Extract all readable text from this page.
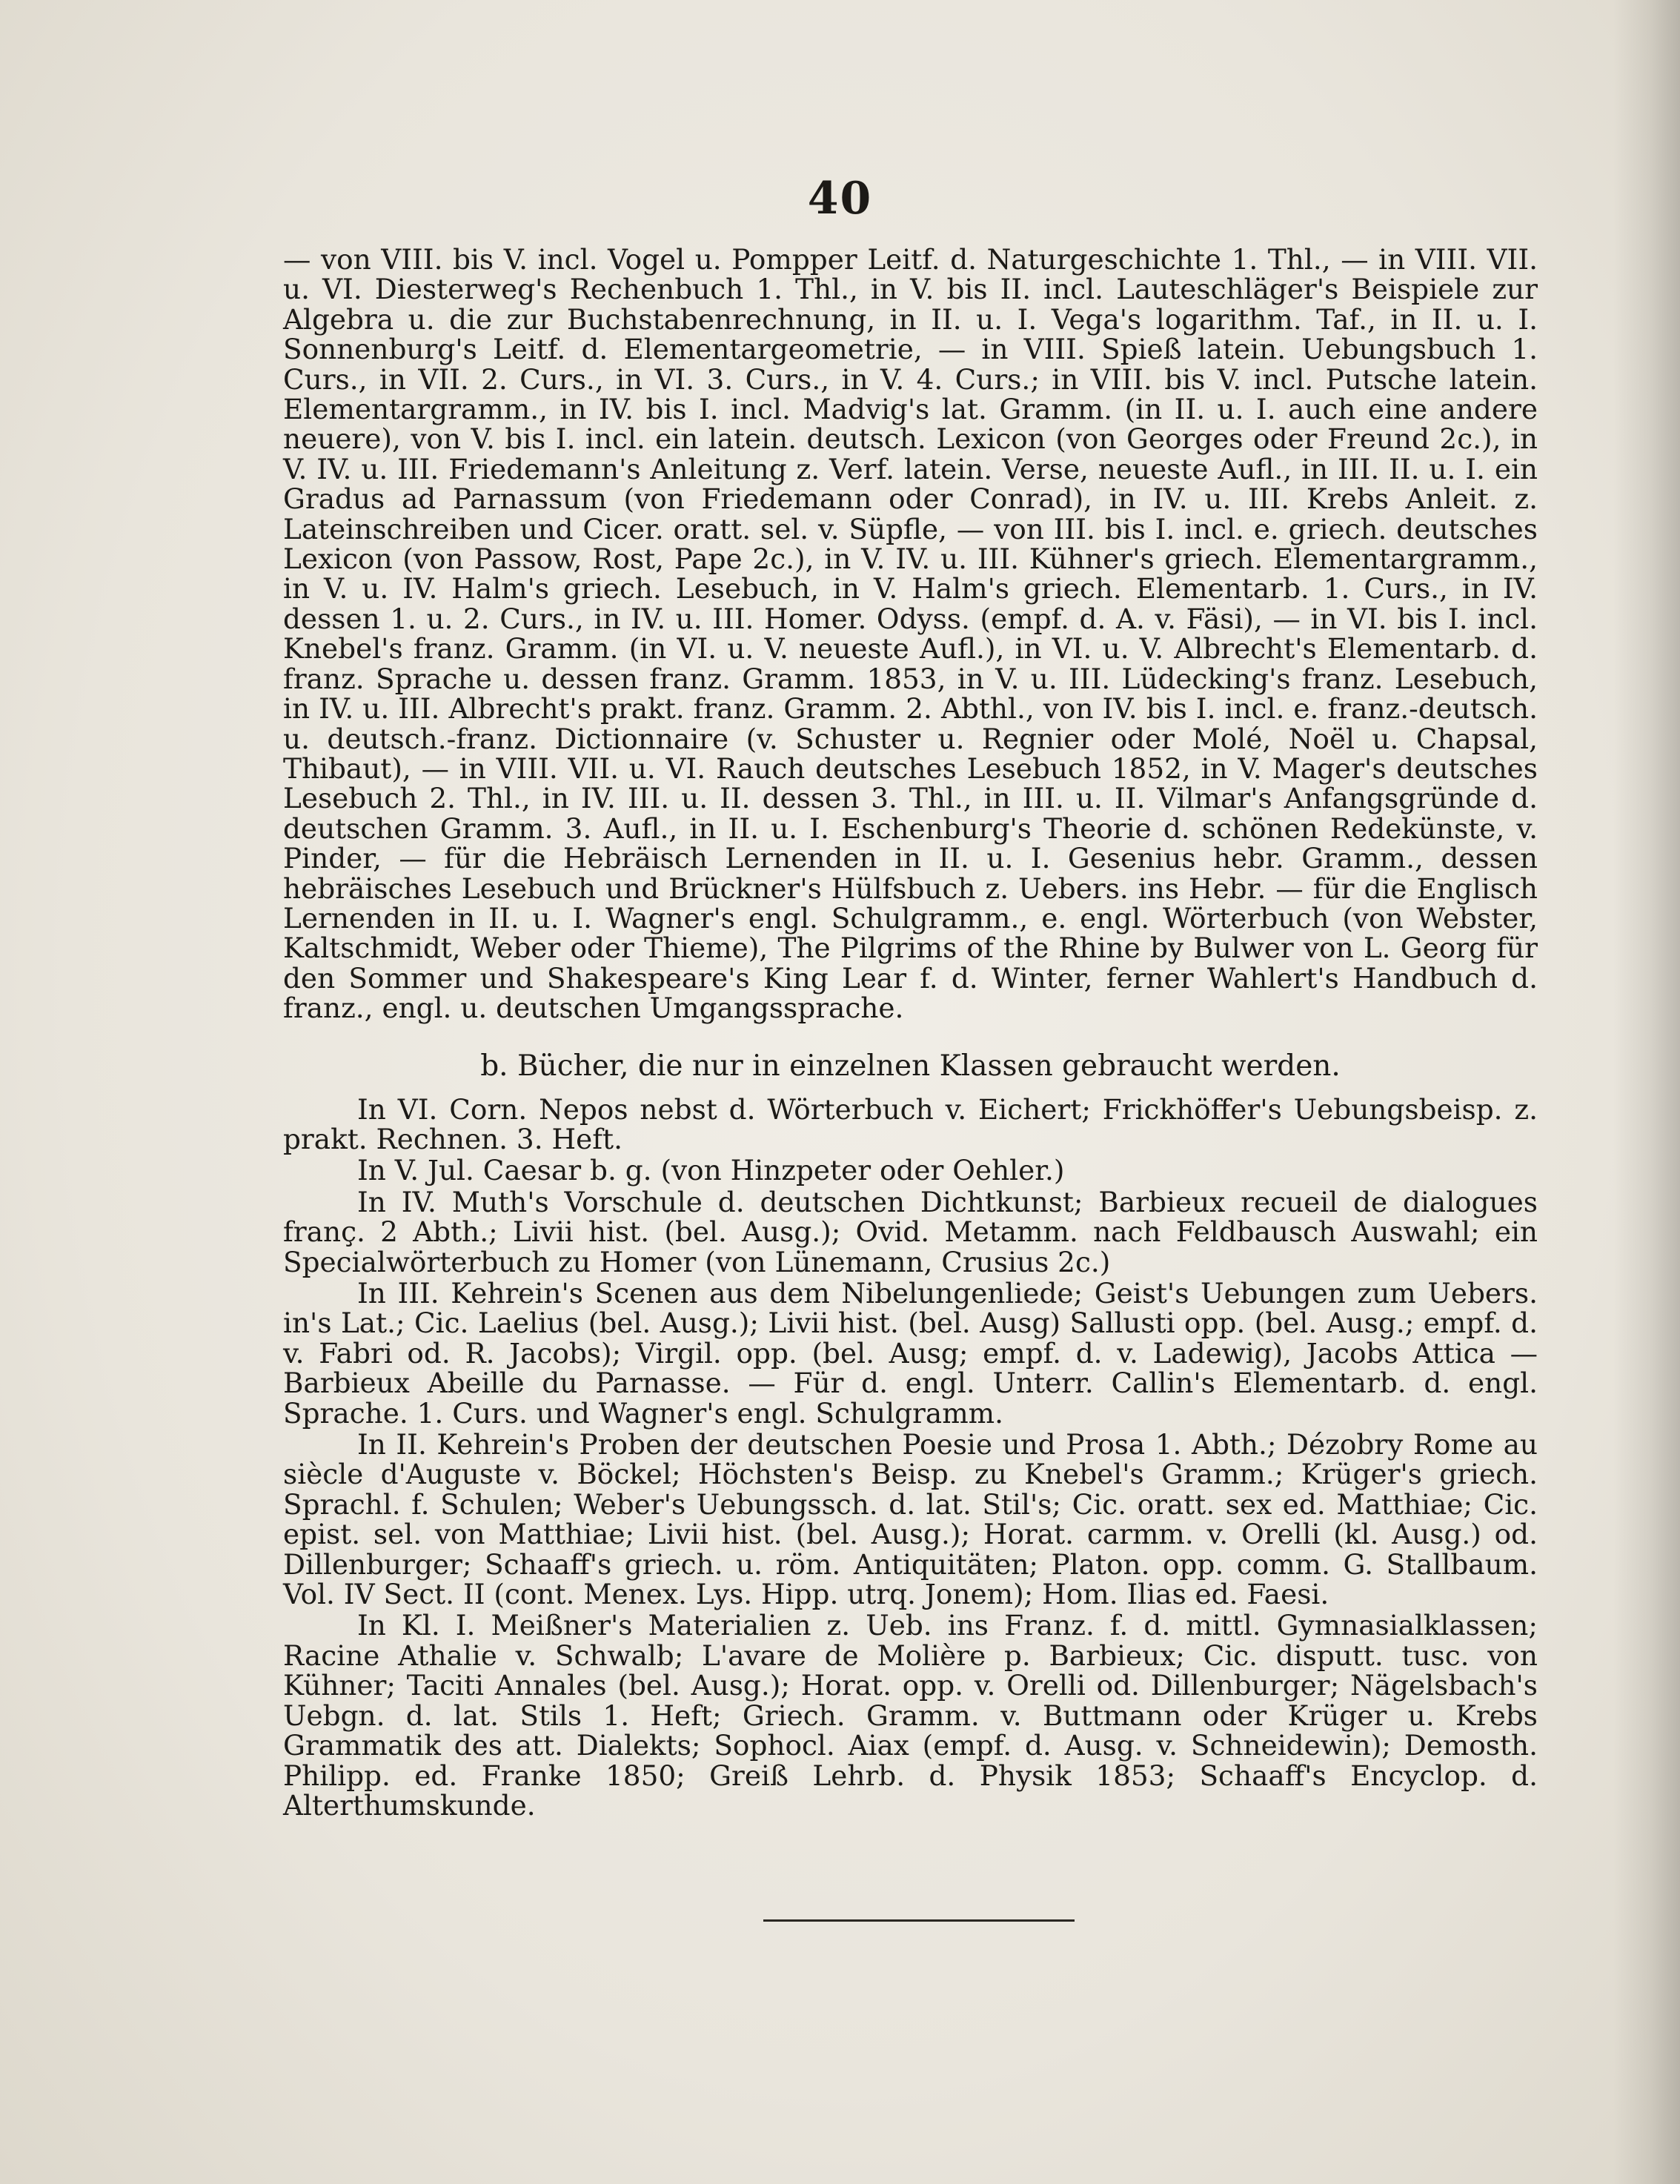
40

— von VIII. bis V. incl. Vogel u. Pompper Leitf. d. Naturgeschichte 1. Thl., — in VIII. VII. u. VI. Diesterweg's Rechenbuch 1. Thl., in V. bis II. incl. Lauteschläger's Beispiele zur Algebra u. die zur Buchstabenrechnung, in II. u. I. Vega's logarithm. Taf., in II. u. I. Sonnenburg's Leitf. d. Elementargeometrie, — in VIII. Spieß latein. Uebungsbuch 1. Curs., in VII. 2. Curs., in VI. 3. Curs., in V. 4. Curs.; in VIII. bis V. incl. Putsche latein. Elementargramm., in IV. bis I. incl. Madvig's lat. Gramm. (in II. u. I. auch eine andere neuere), von V. bis I. incl. ein latein. deutsch. Lexicon (von Georges oder Freund 2c.), in V. IV. u. III. Friedemann's Anleitung z. Verf. latein. Verse, neueste Aufl., in III. II. u. I. ein Gradus ad Parnassum (von Friedemann oder Conrad), in IV. u. III. Krebs Anleit. z. Lateinschreiben und Cicer. oratt. sel. v. Süpfle, — von III. bis I. incl. e. griech. deutsches Lexicon (von Passow, Rost, Pape 2c.), in V. IV. u. III. Kühner's griech. Elementargramm., in V. u. IV. Halm's griech. Lesebuch, in V. Halm's griech. Elementarb. 1. Curs., in IV. dessen 1. u. 2. Curs., in IV. u. III. Homer. Odyss. (empf. d. A. v. Fäsi), — in VI. bis I. incl. Knebel's franz. Gramm. (in VI. u. V. neueste Aufl.), in VI. u. V. Albrecht's Elementarb. d. franz. Sprache u. dessen franz. Gramm. 1853, in V. u. III. Lüdecking's franz. Lesebuch, in IV. u. III. Albrecht's prakt. franz. Gramm. 2. Abthl., von IV. bis I. incl. e. franz.-deutsch. u. deutsch.-franz. Dictionnaire (v. Schuster u. Regnier oder Molé, Noël u. Chapsal, Thibaut), — in VIII. VII. u. VI. Rauch deutsches Lesebuch 1852, in V. Mager's deutsches Lesebuch 2. Thl., in IV. III. u. II. dessen 3. Thl., in III. u. II. Vilmar's Anfangsgründe d. deutschen Gramm. 3. Aufl., in II. u. I. Eschenburg's Theorie d. schönen Redekünste, v. Pinder, — für die Hebräisch Lernenden in II. u. I. Gesenius hebr. Gramm., dessen hebräisches Lesebuch und Brückner's Hülfsbuch z. Uebers. ins Hebr. — für die Englisch Lernenden in II. u. I. Wagner's engl. Schulgramm., e. engl. Wörterbuch (von Webster, Kaltschmidt, Weber oder Thieme), The Pilgrims of the Rhine by Bulwer von L. Georg für den Sommer und Shakespeare's King Lear f. d. Winter, ferner Wahlert's Handbuch d. franz., engl. u. deutschen Umgangssprache.

b. Bücher, die nur in einzelnen Klassen gebraucht werden.

In VI. Corn. Nepos nebst d. Wörterbuch v. Eichert; Frickhöffer's Uebungsbeisp. z. prakt. Rechnen. 3. Heft.

In V. Jul. Caesar b. g. (von Hinzpeter oder Oehler.)

In IV. Muth's Vorschule d. deutschen Dichtkunst; Barbieux recueil de dialogues franç. 2 Abth.; Livii hist. (bel. Ausg.); Ovid. Metamm. nach Feldbausch Auswahl; ein Specialwörterbuch zu Homer (von Lünemann, Crusius 2c.)

In III. Kehrein's Scenen aus dem Nibelungenliede; Geist's Uebungen zum Uebers. in's Lat.; Cic. Laelius (bel. Ausg.); Livii hist. (bel. Ausg) Sallusti opp. (bel. Ausg.; empf. d. v. Fabri od. R. Jacobs); Virgil. opp. (bel. Ausg; empf. d. v. Ladewig), Jacobs Attica — Barbieux Abeille du Parnasse. — Für d. engl. Unterr. Callin's Elementarb. d. engl. Sprache. 1. Curs. und Wagner's engl. Schulgramm.

In II. Kehrein's Proben der deutschen Poesie und Prosa 1. Abth.; Dézobry Rome au siècle d'Auguste v. Böckel; Höchsten's Beisp. zu Knebel's Gramm.; Krüger's griech. Sprachl. f. Schulen; Weber's Uebungssch. d. lat. Stil's; Cic. oratt. sex ed. Matthiae; Cic. epist. sel. von Matthiae; Livii hist. (bel. Ausg.); Horat. carmm. v. Orelli (kl. Ausg.) od. Dillenburger; Schaaff's griech. u. röm. Antiquitäten; Platon. opp. comm. G. Stallbaum. Vol. IV Sect. II (cont. Menex. Lys. Hipp. utrq. Jonem); Hom. Ilias ed. Faesi.

In Kl. I. Meißner's Materialien z. Ueb. ins Franz. f. d. mittl. Gymnasialklassen; Racine Athalie v. Schwalb; L'avare de Molière p. Barbieux; Cic. disputt. tusc. von Kühner; Taciti Annales (bel. Ausg.); Horat. opp. v. Orelli od. Dillenburger; Nägelsbach's Uebgn. d. lat. Stils 1. Heft; Griech. Gramm. v. Buttmann oder Krüger u. Krebs Grammatik des att. Dialekts; Sophocl. Aiax (empf. d. Ausg. v. Schneidewin); Demosth. Philipp. ed. Franke 1850; Greiß Lehrb. d. Physik 1853; Schaaff's Encyclop. d. Alterthumskunde.
